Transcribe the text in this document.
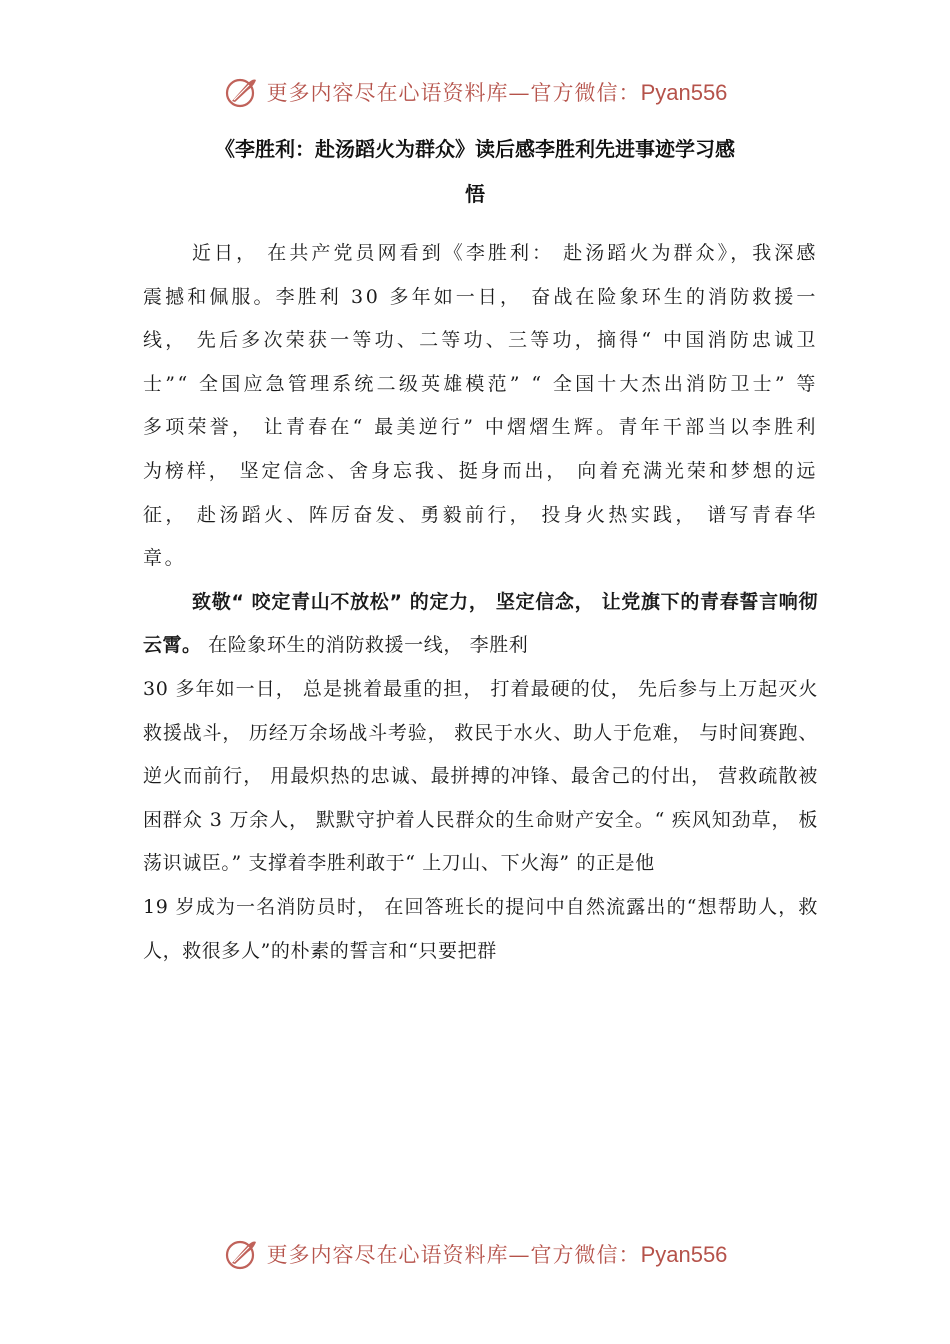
更多内容尽在心语资料库—官方微信：Pyan556
《李胜利：赴汤蹈火为群众》读后感李胜利先进事迹学习感
悟

近日， 在共产党员网看到《李胜利： 赴汤蹈火为群众》，我深感震撼和佩服。李胜利 30 多年如一日， 奋战在险象环生的消防救援一线， 先后多次荣获一等功、二等功、三等功，摘得“ 中国消防忠诚卫士”“ 全国应急管理系统二级英雄模范” “ 全国十大杰出消防卫士” 等多项荣誉， 让青春在“ 最美逆行” 中熠熠生辉。青年干部当以李胜利为榜样， 坚定信念、舍身忘我、挺身而出， 向着充满光荣和梦想的远征， 赴汤蹈火、阵厉奋发、勇毅前行， 投身火热实践， 谱写青春华章。

致敬“ 咬定青山不放松” 的定力， 坚定信念， 让党旗下的青春誓言响彻云霄。 在险象环生的消防救援一线， 李胜利

30 多年如一日， 总是挑着最重的担， 打着最硬的仗， 先后参与上万起灭火救援战斗， 历经万余场战斗考验， 救民于水火、助人于危难， 与时间赛跑、逆火而前行， 用最炽热的忠诚、最拼搏的冲锋、最舍己的付出， 营救疏散被困群众 3 万余人， 默默守护着人民群众的生命财产安全。“ 疾风知劲草， 板荡识诚臣。” 支撑着李胜利敢于“ 上刀山、下火海” 的正是他

19 岁成为一名消防员时， 在回答班长的提问中自然流露出的“想帮助人，救人，救很多人”的朴素的誓言和“只要把群

更多内容尽在心语资料库—官方微信：Pyan556
